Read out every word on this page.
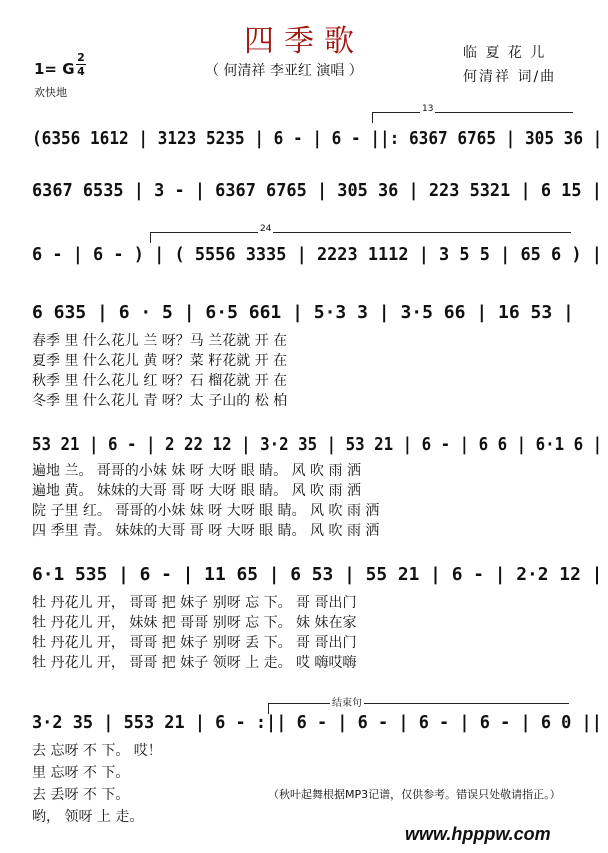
四季歌
（ 何清祥 李亚红 演唱 ）
临 夏 花 儿
何清祥 词/曲
1= G
2
4
欢快地
13
24
结束句
(6356 1612 | 3123 5235 | 6 - | 6 - ||: 6367 6765 | 305 36 |
6367 6535 | 3 - | 6367 6765 | 305 36 | 223 5321 | 6 15 |
6 - | 6 - ) | ( 5556 3335 | 2223 1112 | 3 5 5 | 65 6 ) |
6 635 | 6 · 5 | 6·5 661 | 5·3 3 | 3·5 66 | 16 53 |
春季 里 什么花儿 兰 呀？马 兰花就 开 在
夏季 里 什么花儿 黄 呀？菜 籽花就 开 在
秋季 里 什么花儿 红 呀？石 榴花就 开 在
冬季 里 什么花儿 青 呀？太 子山的 松 柏
53 21 | 6 - | 2 22 12 | 3·2 35 | 53 21 | 6 - | 6 6 | 6·1 6 |
遍地 兰。 哥哥的小妹 妹 呀 大呀 眼 睛。 风 吹 雨 洒
遍地 黄。 妹妹的大哥 哥 呀 大呀 眼 睛。 风 吹 雨 洒
院 子里 红。 哥哥的小妹 妹 呀 大呀 眼 睛。 风 吹 雨 洒
四 季里 青。 妹妹的大哥 哥 呀 大呀 眼 睛。 风 吹 雨 洒
6·1 535 | 6 - | 11 65 | 6 53 | 55 21 | 6 - | 2·2 12 |
牡 丹花儿 开， 哥哥 把 妹子 别呀 忘 下。 哥 哥出门
牡 丹花儿 开， 妹妹 把 哥哥 别呀 忘 下。 妹 妹在家
牡 丹花儿 开， 哥哥 把 妹子 别呀 丢 下。 哥 哥出门
牡 丹花儿 开， 哥哥 把 妹子 领呀 上 走。 哎 嗨哎嗨
3·2 35 | 553 21 | 6 - :|| 6 - | 6 - | 6 - | 6 - | 6 0 ||
去 忘呀 不 下。 哎！
里 忘呀 不 下。
去 丢呀 不 下。
哟， 领呀 上 走。
（秋叶起舞根据MP3记谱，仅供参考。错误只处敬请指正。）
www.hpppw.com
